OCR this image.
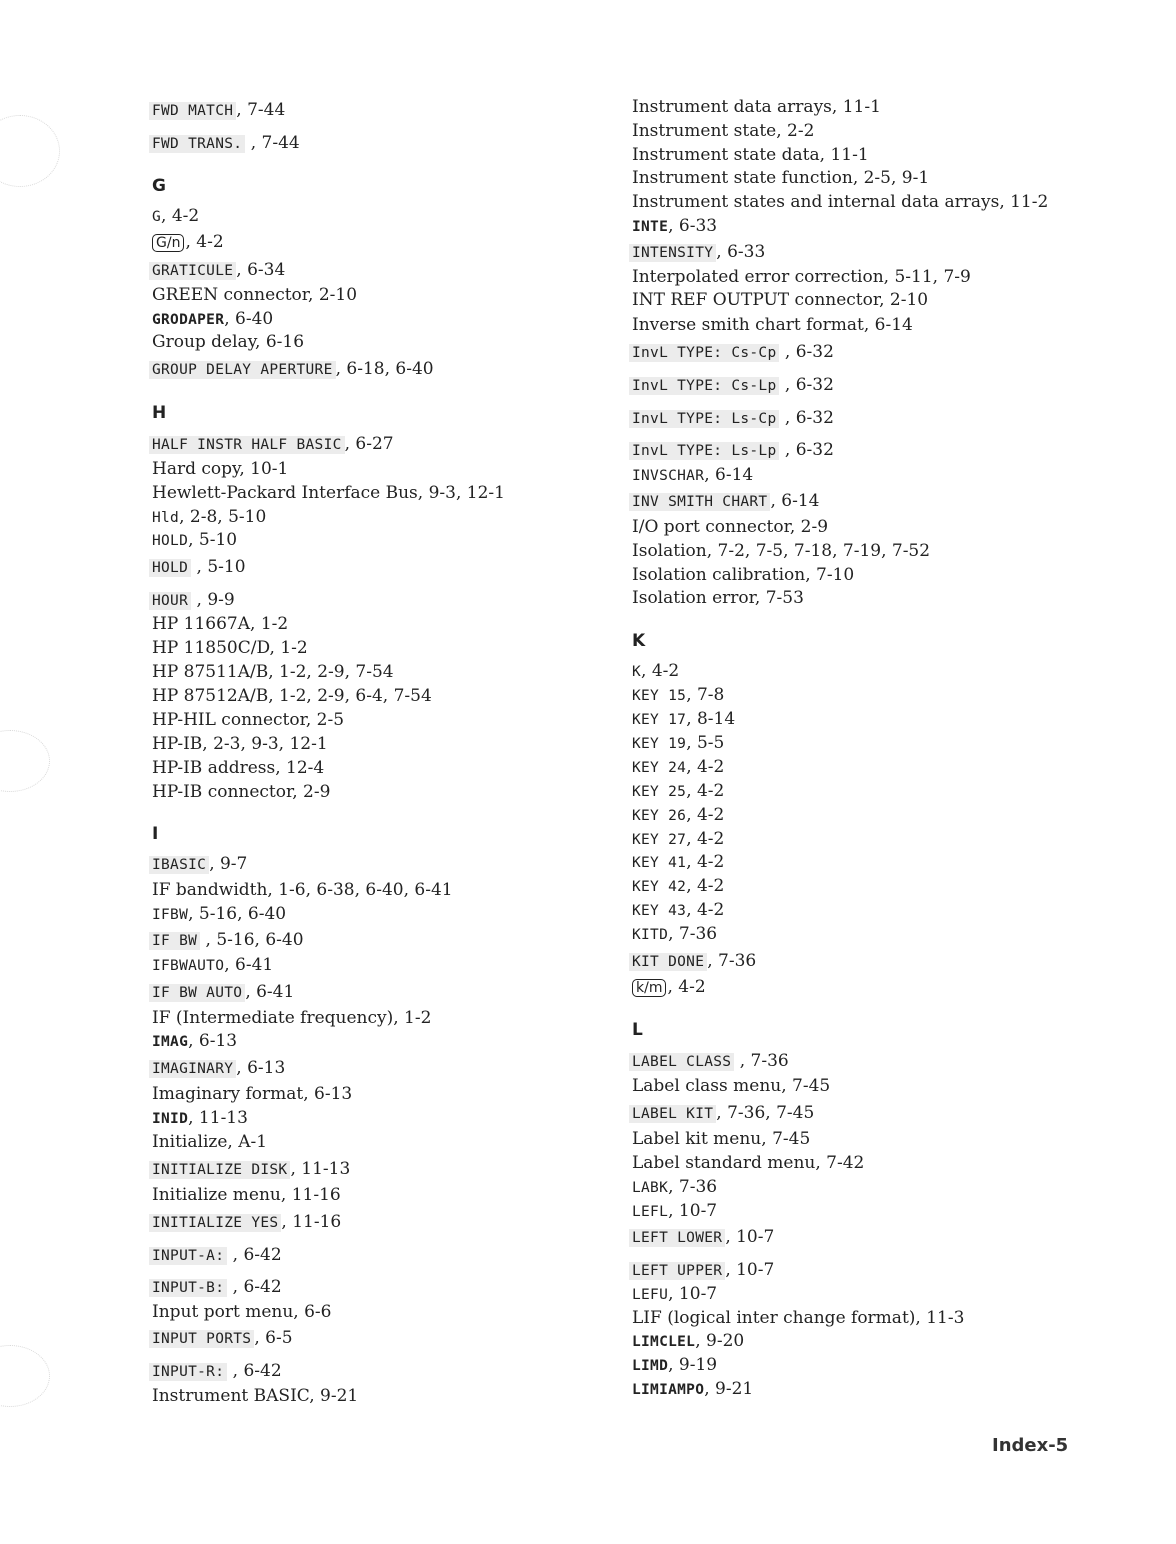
FWD MATCH , 7-44
FWD TRANS. , 7-44
G
G, 4-2
G/n , 4-2
GRATICULE , 6-34
GREEN connector, 2-10
GRODAPER, 6-40
Group delay, 6-16
GROUP DELAY APERTURE , 6-18, 6-40
H
HALF INSTR HALF BASIC , 6-27
Hard copy, 10-1
Hewlett-Packard Interface Bus, 9-3, 12-1
Hld, 2-8, 5-10
HOLD, 5-10
HOLD , 5-10
HOUR , 9-9
HP 11667A, 1-2
HP 11850C/D, 1-2
HP 87511A/B, 1-2, 2-9, 7-54
HP 87512A/B, 1-2, 2-9, 6-4, 7-54
HP-HIL connector, 2-5
HP-IB, 2-3, 9-3, 12-1
HP-IB address, 12-4
HP-IB connector, 2-9
I
IBASIC , 9-7
IF bandwidth, 1-6, 6-38, 6-40, 6-41
IFBW, 5-16, 6-40
IF BW , 5-16, 6-40
IFBWAUTO, 6-41
IF BW AUTO , 6-41
IF (Intermediate frequency), 1-2
IMAG, 6-13
IMAGINARY , 6-13
Imaginary format, 6-13
INID, 11-13
Initialize, A-1
INITIALIZE DISK , 11-13
Initialize menu, 11-16
INITIALIZE YES , 11-16
INPUT-A: , 6-42
INPUT-B: , 6-42
Input port menu, 6-6
INPUT PORTS , 6-5
INPUT-R: , 6-42
Instrument BASIC, 9-21
Instrument data arrays, 11-1
Instrument state, 2-2
Instrument state data, 11-1
Instrument state function, 2-5, 9-1
Instrument states and internal data arrays, 11-2
INTE, 6-33
INTENSITY , 6-33
Interpolated error correction, 5-11, 7-9
INT REF OUTPUT connector, 2-10
Inverse smith chart format, 6-14
InvL TYPE: Cs-Cp , 6-32
InvL TYPE: Cs-Lp , 6-32
InvL TYPE: Ls-Cp , 6-32
InvL TYPE: Ls-Lp , 6-32
INVSCHAR, 6-14
INV SMITH CHART , 6-14
I/O port connector, 2-9
Isolation, 7-2, 7-5, 7-18, 7-19, 7-52
Isolation calibration, 7-10
Isolation error, 7-53
K
K, 4-2
KEY 15, 7-8
KEY 17, 8-14
KEY 19, 5-5
KEY 24, 4-2
KEY 25, 4-2
KEY 26, 4-2
KEY 27, 4-2
KEY 41, 4-2
KEY 42, 4-2
KEY 43, 4-2
KITD, 7-36
KIT DONE , 7-36
k/m , 4-2
L
LABEL CLASS , 7-36
Label class menu, 7-45
LABEL KIT , 7-36, 7-45
Label kit menu, 7-45
Label standard menu, 7-42
LABK, 7-36
LEFL, 10-7
LEFT LOWER , 10-7
LEFT UPPER , 10-7
LEFU, 10-7
LIF (logical inter change format), 11-3
LIMCLEL, 9-20
LIMD, 9-19
LIMIAMPO, 9-21
Index-5
